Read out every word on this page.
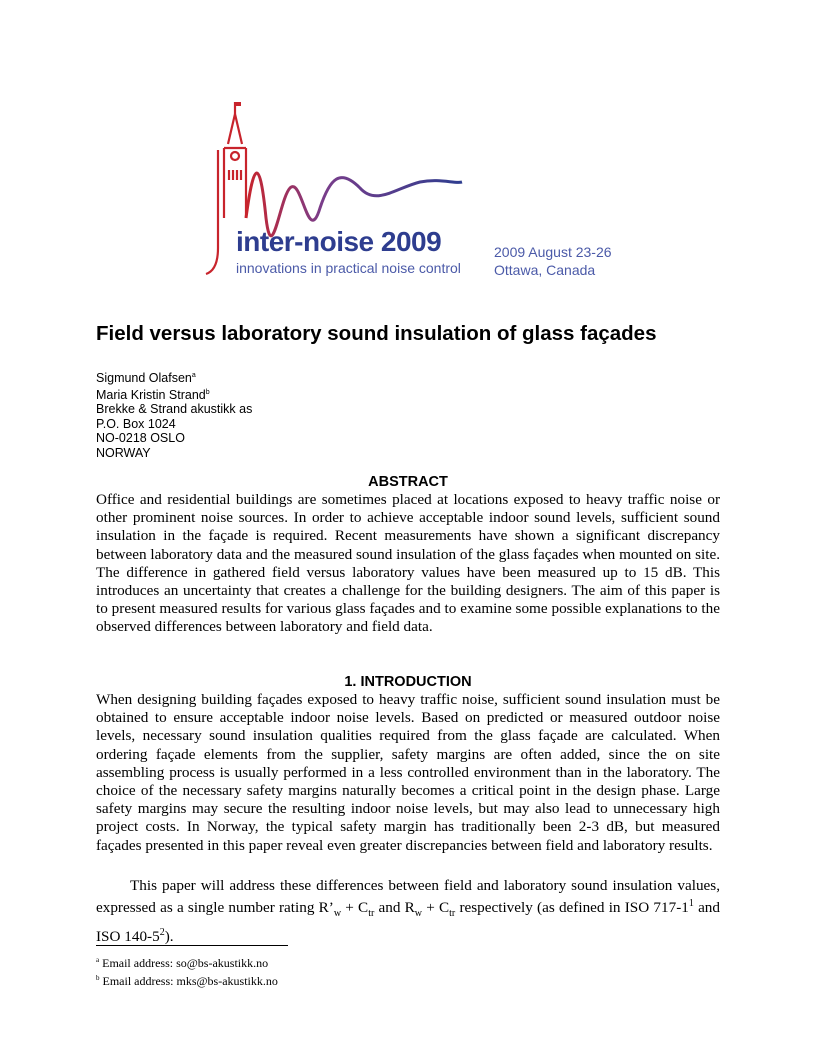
inter-noise 2009
innovations in practical noise control
2009 August 23-26
Ottawa, Canada
Field versus laboratory sound insulation of glass façades
Sigmund Olafsen$^a$
Maria Kristin Strand$^b$
Brekke & Strand akustikk as
P.O. Box 1024
NO-0218 OSLO
NORWAY
ABSTRACT

Office and residential buildings are sometimes placed at locations exposed to heavy traffic noise or other prominent noise sources. In order to achieve acceptable indoor sound levels, sufficient sound insulation in the façade is required. Recent measurements have shown a significant discrepancy between laboratory data and the measured sound insulation of the glass façades when mounted on site. The difference in gathered field versus laboratory values have been measured up to 15 dB. This introduces an uncertainty that creates a challenge for the building designers. The aim of this paper is to present measured results for various glass façades and to examine some possible explanations to the observed differences between laboratory and field data.

1. INTRODUCTION

When designing building façades exposed to heavy traffic noise, sufficient sound insulation must be obtained to ensure acceptable indoor noise levels. Based on predicted or measured outdoor noise levels, necessary sound insulation qualities required from the glass façade are calculated. When ordering façade elements from the supplier, safety margins are often added, since the on site assembling process is usually performed in a less controlled environment than in the laboratory. The choice of the necessary safety margins naturally becomes a critical point in the design phase. Large safety margins may secure the resulting indoor noise levels, but may also lead to unnecessary high project costs. In Norway, the typical safety margin has traditionally been 2-3 dB, but measured façades presented in this paper reveal even greater discrepancies between field and laboratory results.

This paper will address these differences between field and laboratory sound insulation values, expressed as a single number rating $R’_w + C_{tr}$ and $R_w + C_{tr}$ respectively (as defined in ISO $717-1^1$ and ISO $140-5^2$).

$^a$ Email address: so@bs-akustikk.no
$^b$ Email address: mks@bs-akustikk.no
